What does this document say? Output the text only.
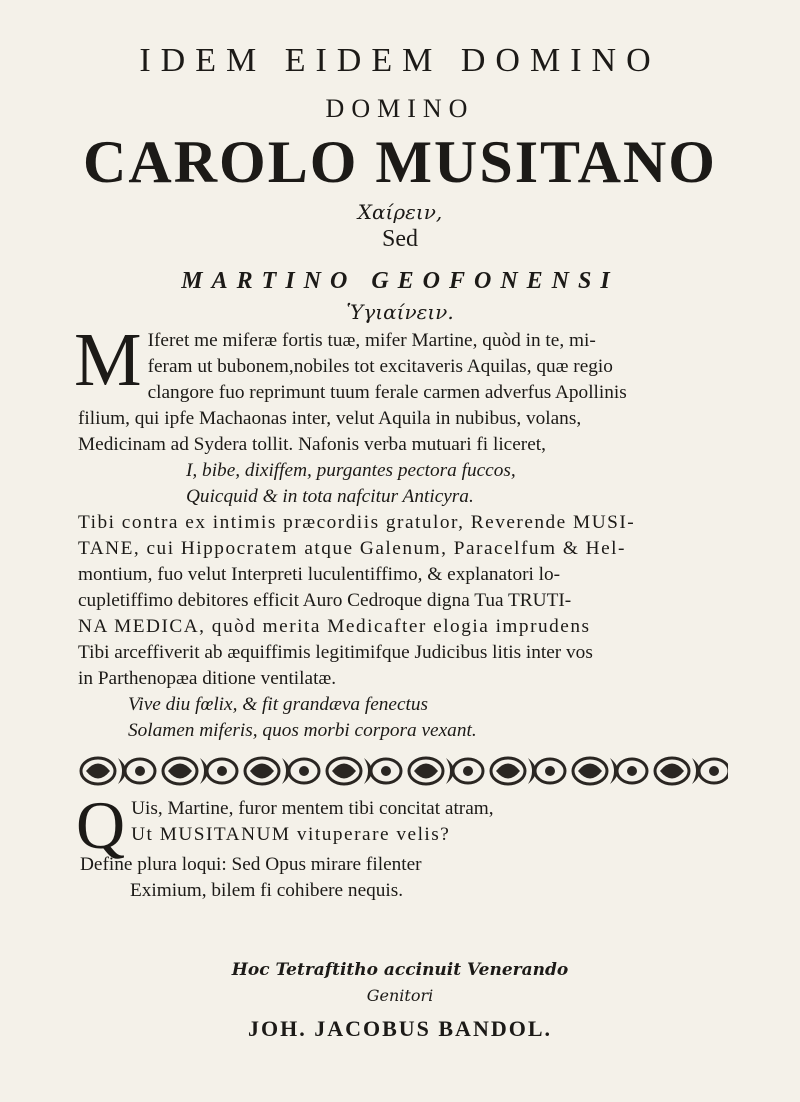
IDEM EIDEM DOMINO
DOMINO
CAROLO MUSITANO
Χαίρειν,
Sed
MARTINO GEOFONENSI
Ὑγιαίνειν.
M Iferet me miferæ fortis tuæ, mifer Martine, quòd in te, mi-
feram ut bubonem,nobiles tot excitaveris Aquilas, quæ regio
clangore fuo reprimunt tuum ferale carmen adverfus Apollinis
filium, qui ipfe Machaonas inter, velut Aquila in nubibus, volans,
Medicinam ad Sydera tollit. Nafonis verba mutuari fi liceret,
I, bibe, dixiffem, purgantes pectora fuccos,
Quicquid & in tota nafcitur Anticyra.
Tibi contra ex intimis præcordiis gratulor, Reverende MUSI-
TANE, cui Hippocratem atque Galenum, Paracelfum & Hel-
montium, fuo velut Interpreti luculentiffimo, & explanatori lo-
cupletiffimo debitores efficit Auro Cedroque digna Tua TRUTI-
NA MEDICA, quòd merita Medicafter elogia imprudens
Tibi arceffiverit ab æquiffimis legitimifque Judicibus litis inter vos
in Parthenopæa ditione ventilatæ.
Vive diu fœlix, & fit grandæva fenectus
Solamen miferis, quos morbi corpora vexant.
Q Uis, Martine, furor mentem tibi concitat atram,
Ut MUSITANUM vituperare velis?
Define plura loqui: Sed Opus mirare filenter
Eximium, bilem fi cohibere nequis.
Hoc Tetraftitho accinuit Venerando
Genitori
JOH. JACOBUS BANDOL.
